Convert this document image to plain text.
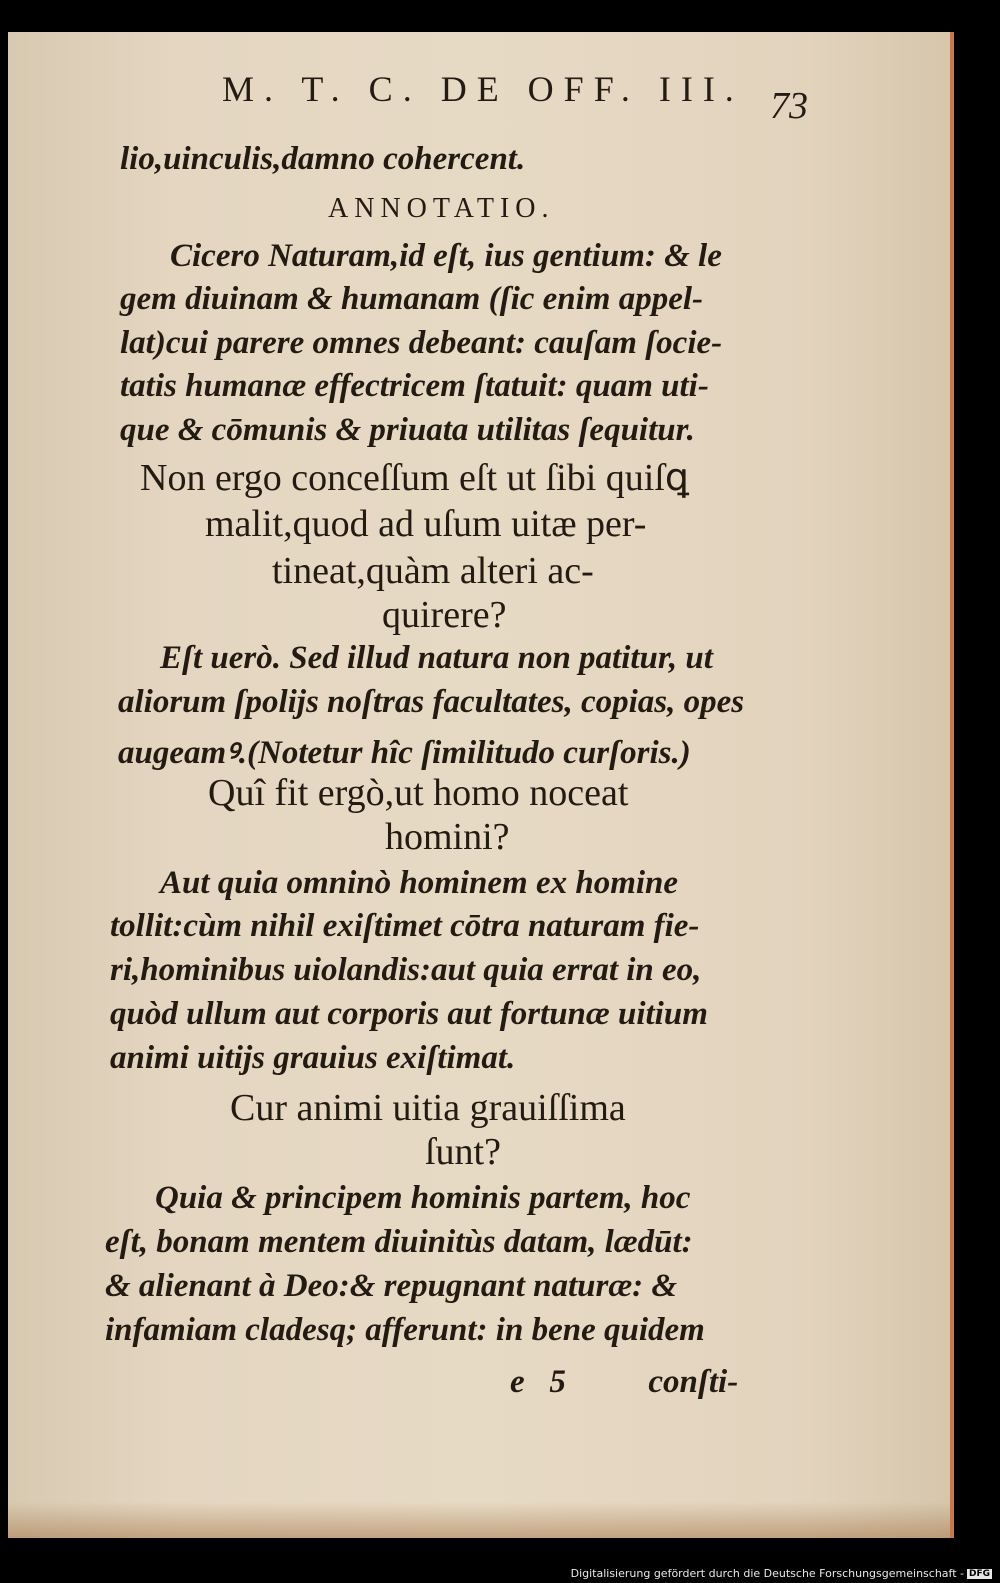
M. T. C. DE OFF. III. 73
lio,uinculis,damno cohercent.
ANNOTATIO.
Cicero Naturam,id eſt, ius gentium: & le
gem diuinam & humanam (ſic enim appel-
lat)cui parere omnes debeant: cauſam ſocie-
tatis humanæ effectricem ſtatuit: quam uti-
que & cōmunis & priuata utilitas ſequitur.
Non ergo conceſſum eſt ut ſibi quiſꝗ
malit,quod ad uſum uitæ per-
tineat,quàm alteri ac-
quirere?
Eſt uerò. Sed illud natura non patitur, ut
aliorum ſpolijs noſtras facultates, copias, opes
augeamꝰ.(Notetur hîc ſimilitudo curſoris.)
Quî fit ergò,ut homo noceat
homini?
Aut quia omninò hominem ex homine
tollit:cùm nihil exiſtimet cōtra naturam fie-
ri,hominibus uiolandis:aut quia errat in eo,
quòd ullum aut corporis aut fortunæ uitium
animi uitijs grauius exiſtimat.
Cur animi uitia grauiſſima
ſunt?
Quia & principem hominis partem, hoc
eſt, bonam mentem diuinitùs datam, lædūt:
& alienant à Deo:& repugnant naturæ: &
infamiam cladesq; afferunt: in bene quidem
e   5          conſti-
Digitalisierung gefördert durch die Deutsche Forschungsgemeinschaft - DFG
